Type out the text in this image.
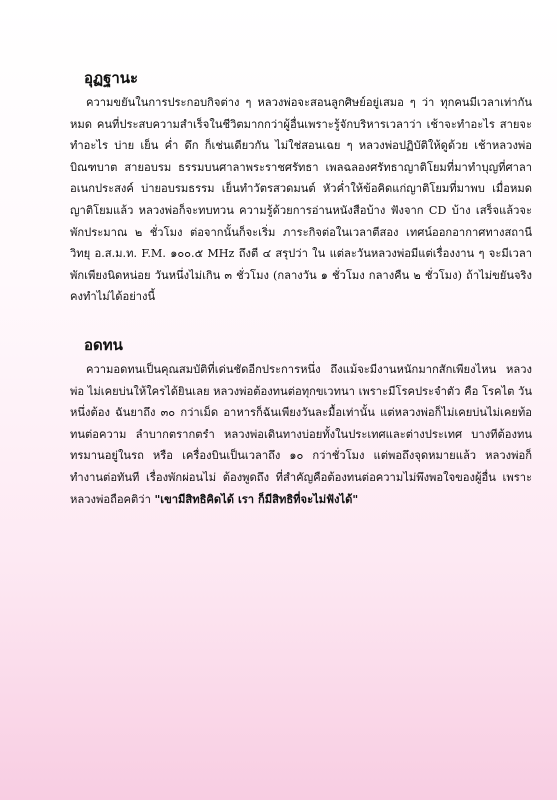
อุฏฐานะ

ความขยันในการประกอบกิจต่าง ๆ หลวงพ่อจะสอนลูกศิษย์อยู่เสมอ ๆ ว่า ทุกคนมีเวลาเท่ากันหมด คนที่ประสบความสำเร็จในชีวิตมากกว่าผู้อื่นเพราะรู้จักบริหารเวลาว่า เช้าจะทำอะไร สายจะทำอะไร บ่าย เย็น ค่ำ ดึก ก็เช่นเดียวกัน ไม่ใช่สอนเฉย ๆ หลวงพ่อปฏิบัติให้ดูด้วย เช้าหลวงพ่อบิณฑบาต สายอบรม ธรรมบนศาลาพระราชศรัทธา เพลฉลองศรัทธาญาติโยมที่มาทำบุญที่ศาลาอเนกประสงค์ บ่ายอบรมธรรม เย็นทำวัตรสวดมนต์ หัวค่ำให้ข้อคิดแก่ญาติโยมที่มาพบ เมื่อหมดญาติโยมแล้ว หลวงพ่อก็จะทบทวน ความรู้ด้วยการอ่านหนังสือบ้าง ฟังจาก CD บ้าง เสร็จแล้วจะพักประมาณ ๒ ชั่วโมง ต่อจากนั้นก็จะเริ่ม ภาระกิจต่อในเวลาตีสอง เทศน์ออกอากาศทางสถานีวิทยุ อ.ส.ม.ท. F.M. ๑๐๐.๕ MHz ถึงตี ๔ สรุปว่า ใน แต่ละวันหลวงพ่อมีแต่เรื่องงาน ๆ จะมีเวลาพักเพียงนิดหน่อย วันหนึ่งไม่เกิน ๓ ชั่วโมง (กลางวัน ๑ ชั่วโมง กลางคืน ๒ ชั่วโมง) ถ้าไม่ขยันจริงคงทำไม่ได้อย่างนี้

อดทน

ความอดทนเป็นคุณสมบัติที่เด่นชัดอีกประการหนึ่ง ถึงแม้จะมีงานหนักมากสักเพียงไหน หลวงพ่อ ไม่เคยบ่นให้ใครได้ยินเลย หลวงพ่อต้องทนต่อทุกขเวทนา เพราะมีโรคประจำตัว คือ โรคไต วันหนึ่งต้อง ฉันยาถึง ๓๐ กว่าเม็ด อาหารก็ฉันเพียงวันละมื้อเท่านั้น แต่หลวงพ่อก็ไม่เคยบ่นไม่เคยท้อ ทนต่อความ ลำบากตรากตรำ หลวงพ่อเดินทางบ่อยทั้งในประเทศและต่างประเทศ บางทีต้องทนทรมานอยู่ในรถ หรือ เครื่องบินเป็นเวลาถึง ๑๐ กว่าชั่วโมง แต่พอถึงจุดหมายแล้ว หลวงพ่อก็ทำงานต่อทันที เรื่องพักผ่อนไม่ ต้องพูดถึง ที่สำคัญคือต้องทนต่อความไม่พึงพอใจของผู้อื่น เพราะหลวงพ่อถือคติว่า "เขามีสิทธิคิดได้ เรา ก็มีสิทธิที่จะไม่ฟังได้"
